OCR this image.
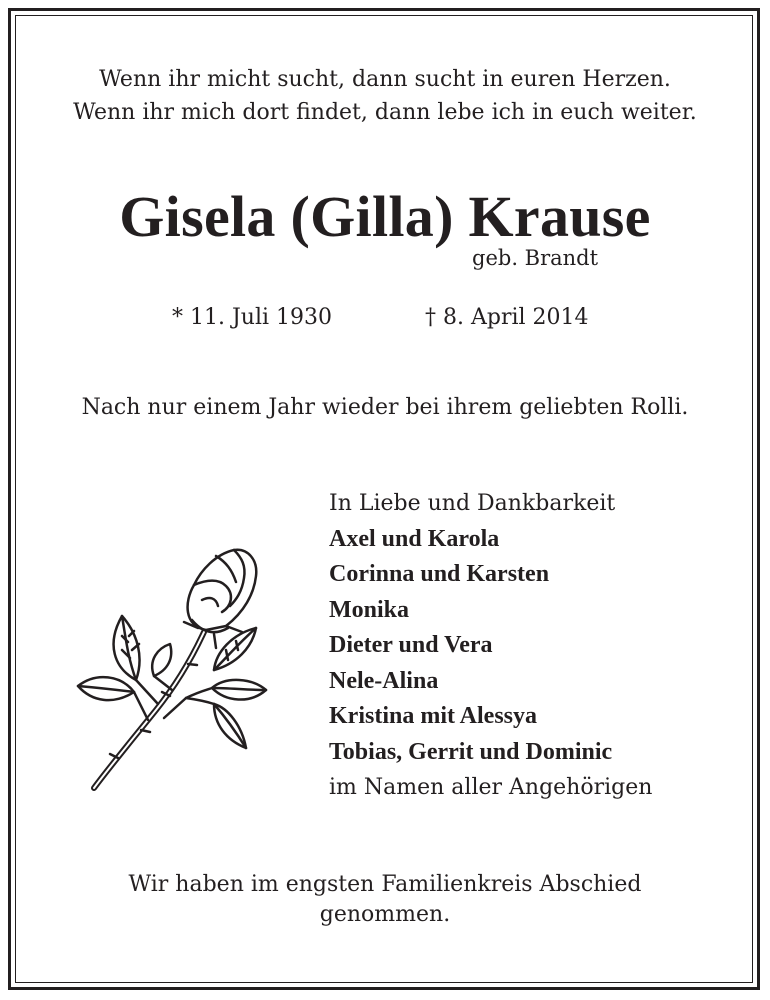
Wenn ihr micht sucht, dann sucht in euren Herzen.
Wenn ihr mich dort findet, dann lebe ich in euch weiter.
Gisela (Gilla) Krause
geb. Brandt
* 11. Juli 1930	† 8. April 2014
Nach nur einem Jahr wieder bei ihrem geliebten Rolli.
In Liebe und Dankbarkeit
Axel und Karola
Corinna und Karsten
Monika
Dieter und Vera
Nele-Alina
Kristina mit Alessya
Tobias, Gerrit und Dominic
im Namen aller Angehörigen
Wir haben im engsten Familienkreis Abschied
genommen.
